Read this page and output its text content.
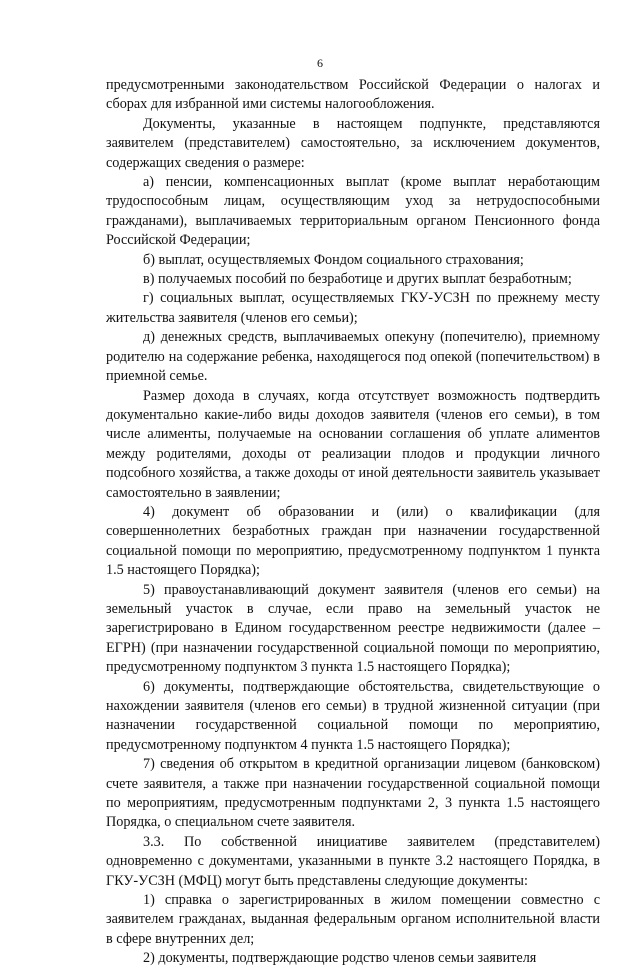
6

предусмотренными законодательством Российской Федерации о налогах и сборах для избранной ими системы налогообложения.

Документы, указанные в настоящем подпункте, представляются заявителем (представителем) самостоятельно, за исключением документов, содержащих сведения о размере:

а) пенсии, компенсационных выплат (кроме выплат неработающим трудоспособным лицам, осуществляющим уход за нетрудоспособными гражданами), выплачиваемых территориальным органом Пенсионного фонда Российской Федерации;

б) выплат, осуществляемых Фондом социального страхования;

в) получаемых пособий по безработице и других выплат безработным;

г) социальных выплат, осуществляемых ГКУ-УСЗН по прежнему месту жительства заявителя (членов его семьи);

д) денежных средств, выплачиваемых опекуну (попечителю), приемному родителю на содержание ребенка, находящегося под опекой (попечительством) в приемной семье.

Размер дохода в случаях, когда отсутствует возможность подтвердить документально какие-либо виды доходов заявителя (членов его семьи), в том числе алименты, получаемые на основании соглашения об уплате алиментов между родителями, доходы от реализации плодов и продукции личного подсобного хозяйства, а также доходы от иной деятельности заявитель указывает самостоятельно в заявлении;

4) документ об образовании и (или) о квалификации (для совершеннолетних безработных граждан при назначении государственной социальной помощи по мероприятию, предусмотренному подпунктом 1 пункта 1.5 настоящего Порядка);

5) правоустанавливающий документ заявителя (членов его семьи) на земельный участок в случае, если право на земельный участок не зарегистрировано в Едином государственном реестре недвижимости (далее – ЕГРН) (при назначении государственной социальной помощи по мероприятию, предусмотренному подпунктом 3 пункта 1.5 настоящего Порядка);

6) документы, подтверждающие обстоятельства, свидетельствующие о нахождении заявителя (членов его семьи) в трудной жизненной ситуации (при назначении государственной социальной помощи по мероприятию, предусмотренному подпунктом 4 пункта 1.5 настоящего Порядка);

7) сведения об открытом в кредитной организации лицевом (банковском) счете заявителя, а также при назначении государственной социальной помощи по мероприятиям, предусмотренным подпунктами 2, 3 пункта 1.5 настоящего Порядка, о специальном счете заявителя.

3.3. По собственной инициативе заявителем (представителем) одновременно с документами, указанными в пункте 3.2 настоящего Порядка, в ГКУ-УСЗН (МФЦ) могут быть представлены следующие документы:

1) справка о зарегистрированных в жилом помещении совместно с заявителем гражданах, выданная федеральным органом исполнительной власти в сфере внутренних дел;

2) документы, подтверждающие родство членов семьи заявителя
